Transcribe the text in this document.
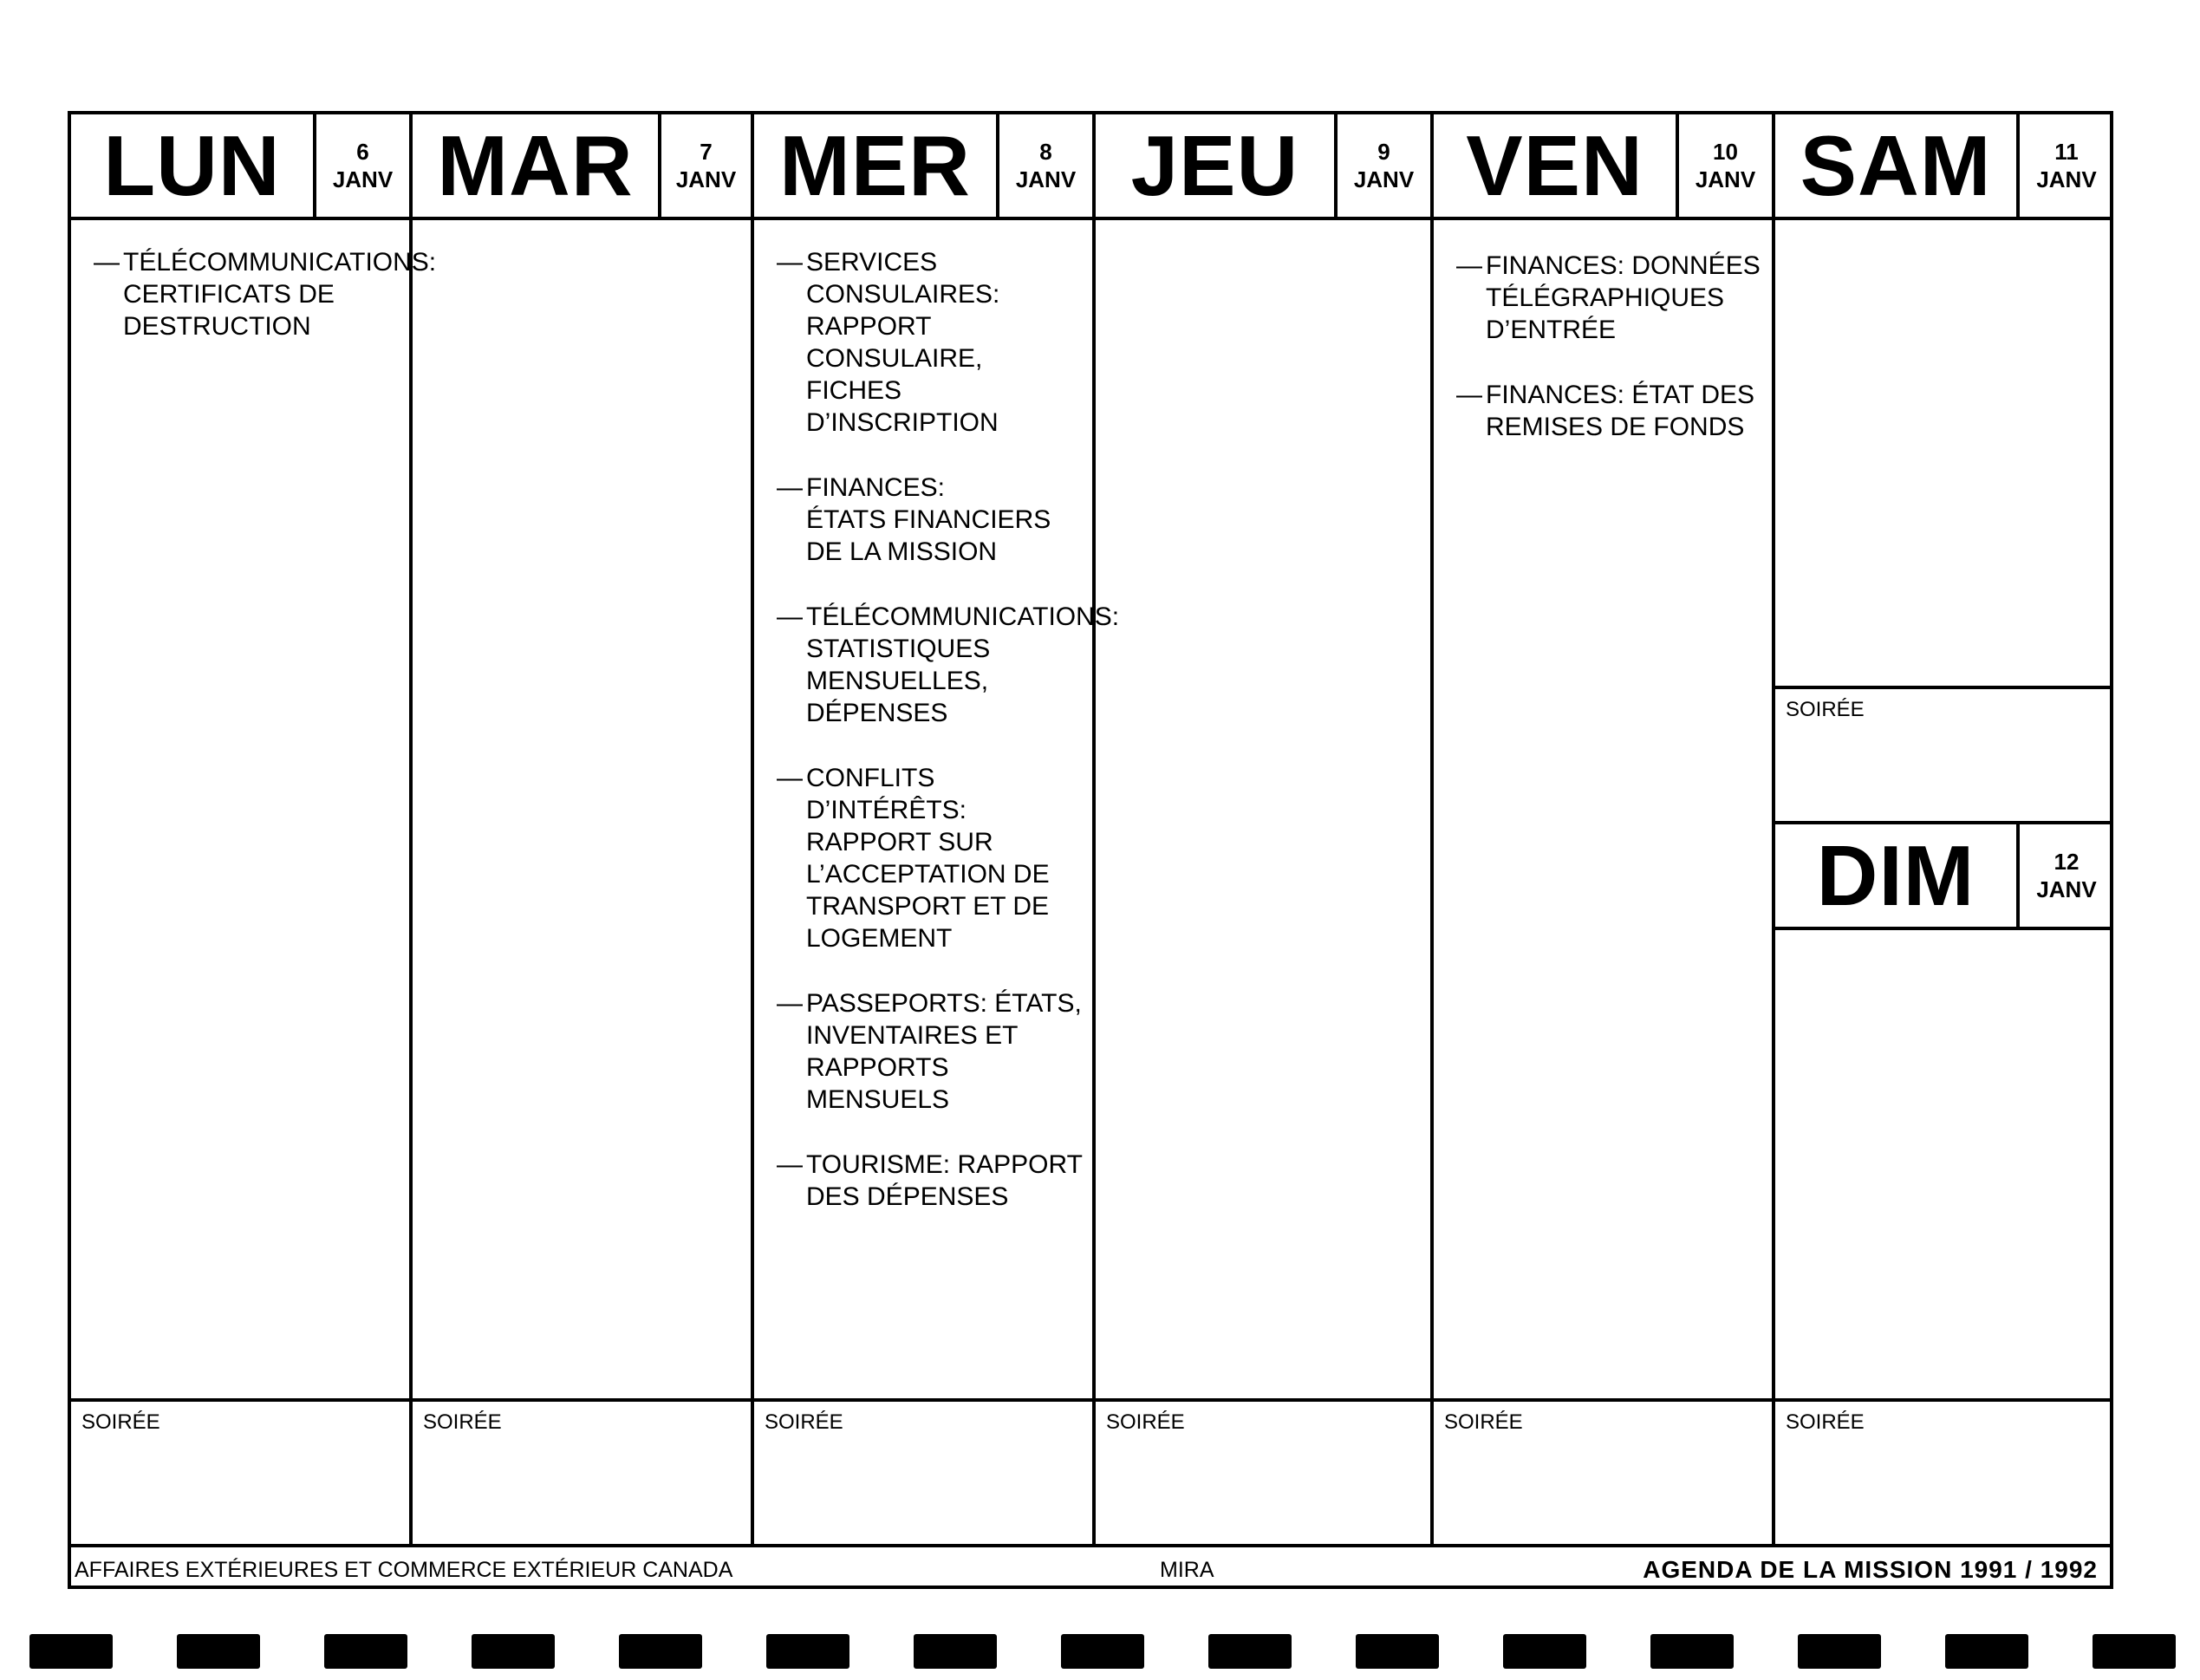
LUN	6
JANV
— TÉLÉCOMMUNICATIONS:
CERTIFICATS DE
DESTRUCTION
SOIRÉE
MAR	7
JANV
SOIRÉE
MER	8
JANV
— SERVICES CONSULAIRES:
RAPPORT CONSULAIRE,
FICHES D’INSCRIPTION
— FINANCES:
ÉTATS FINANCIERS
DE LA MISSION
— TÉLÉCOMMUNICATIONS:
STATISTIQUES
MENSUELLES, DÉPENSES
— CONFLITS D’INTÉRÊTS:
RAPPORT SUR
L’ACCEPTATION DE
TRANSPORT ET DE
LOGEMENT
— PASSEPORTS: ÉTATS,
INVENTAIRES ET
RAPPORTS MENSUELS
— TOURISME: RAPPORT
DES DÉPENSES
SOIRÉE
JEU	9
JANV
SOIRÉE
VEN	10
JANV
— FINANCES: DONNÉES
TÉLÉGRAPHIQUES
D’ENTRÉE
— FINANCES: ÉTAT DES
REMISES DE FONDS
SOIRÉE
SAM	11
JANV
SOIRÉE
DIM	12
JANV
SOIRÉE
AFFAIRES EXTÉRIEURES ET COMMERCE EXTÉRIEUR CANADA	MIRA	AGENDA DE LA MISSION 1991 / 1992
